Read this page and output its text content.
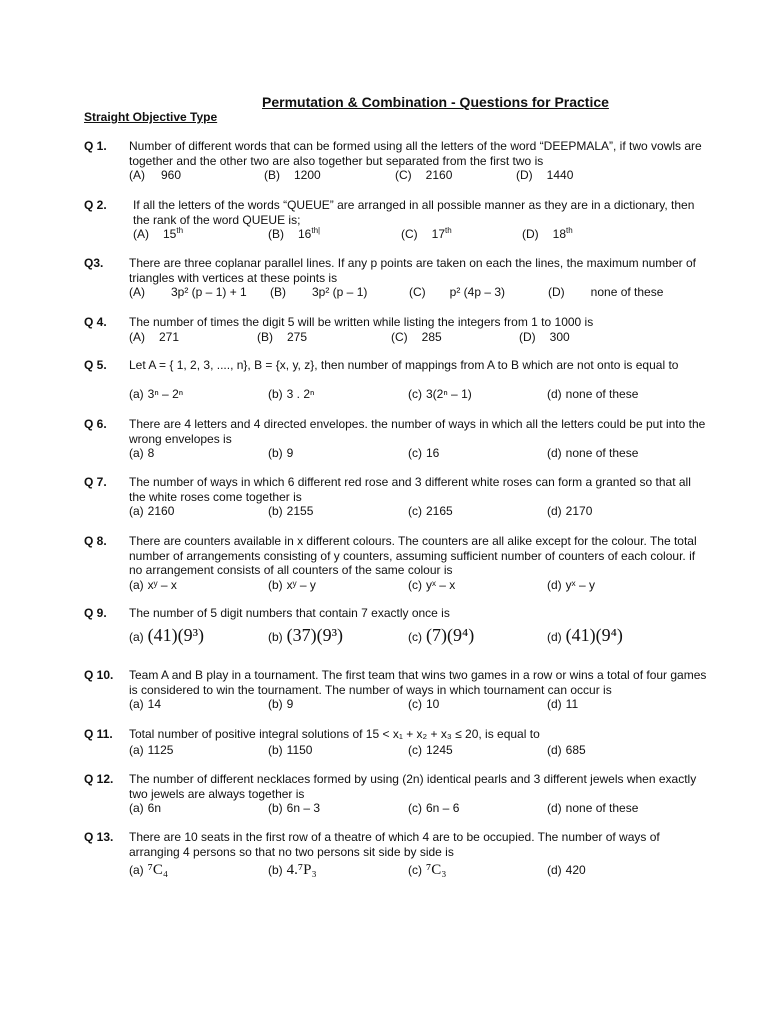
Permutation & Combination - Questions for Practice
Straight Objective Type
Q 1. Number of different words that can be formed using all the letters of the word “DEEPMALA”, if two vowls are together and the other two are also together but separated from the first two is
(A) 960	(B) 1200	(C) 2160	(D) 1440
Q 2. If all the letters of the words “QUEUE” are arranged in all possible manner as they are in a dictionary, then the rank of the word QUEUE is;
(A) 15th	(B) $16^{th|}$	(C) 17th	(D) 18th
Q3. There are three coplanar parallel lines. If any p points are taken on each the lines, the maximum number of triangles with vertices at these points is
(A) 3p² (p – 1) + 1 (B) 3p² (p – 1)	(C) p² (4p – 3)	(D) none of these
Q 4. The number of times the digit 5 will be written while listing the integers from 1 to 1000 is
(A) 271	(B) 275	(C) 285	(D) 300
Q 5. Let A = { 1, 2, 3, ...., n}, B = {x, y, z}, then number of mappings from A to B which are not onto is equal to
(a) 3ⁿ – 2ⁿ	(b) 3 . 2ⁿ	(c) 3(2ⁿ – 1)	(d) none of these
Q 6. There are 4 letters and 4 directed envelopes. the number of ways in which all the letters could be put into the wrong envelopes is
(a) 8	(b) 9	(c) 16	(d) none of these
Q 7. The number of ways in which 6 different red rose and 3 different white roses can form a granted so that all the white roses come together is
(a) 2160	(b) 2155	(c) 2165	(d) 2170
Q 8. There are counters available in x different colours. The counters are all alike except for the colour. The total number of arrangements consisting of y counters, assuming sufficient number of counters of each colour. if no arrangement consists of all counters of the same colour is
(a) xʸ – x	(b) xʸ – y	(c) yˣ – x	(d) yˣ – y
Q 9. The number of 5 digit numbers that contain 7 exactly once is
(a) (41)(9³)	(b) (37)(9³)	(c) (7)(9⁴)	(d) (41)(9⁴)
Q 10. Team A and B play in a tournament. The first team that wins two games in a row or wins a total of four games is considered to win the tournament. The number of ways in which tournament can occur is
(a) 14	(b) 9	(c) 10	(d) 11
Q 11. Total number of positive integral solutions of 15 < x₁ + x₂ + x₃ ≤ 20, is equal to
(a) 1125	(b) 1150	(c) 1245	(d) 685
Q 12. The number of different necklaces formed by using (2n) identical pearls and 3 different jewels when exactly two jewels are always together is
(a) 6n	(b) 6n – 3	(c) 6n – 6	(d) none of these
Q 13. There are 10 seats in the first row of a theatre of which 4 are to be occupied. The number of ways of arranging 4 persons so that no two persons sit side by side is
(a) ⁷C₄	(b) 4.⁷P₃	(c) ⁷C₃	(d) 420
